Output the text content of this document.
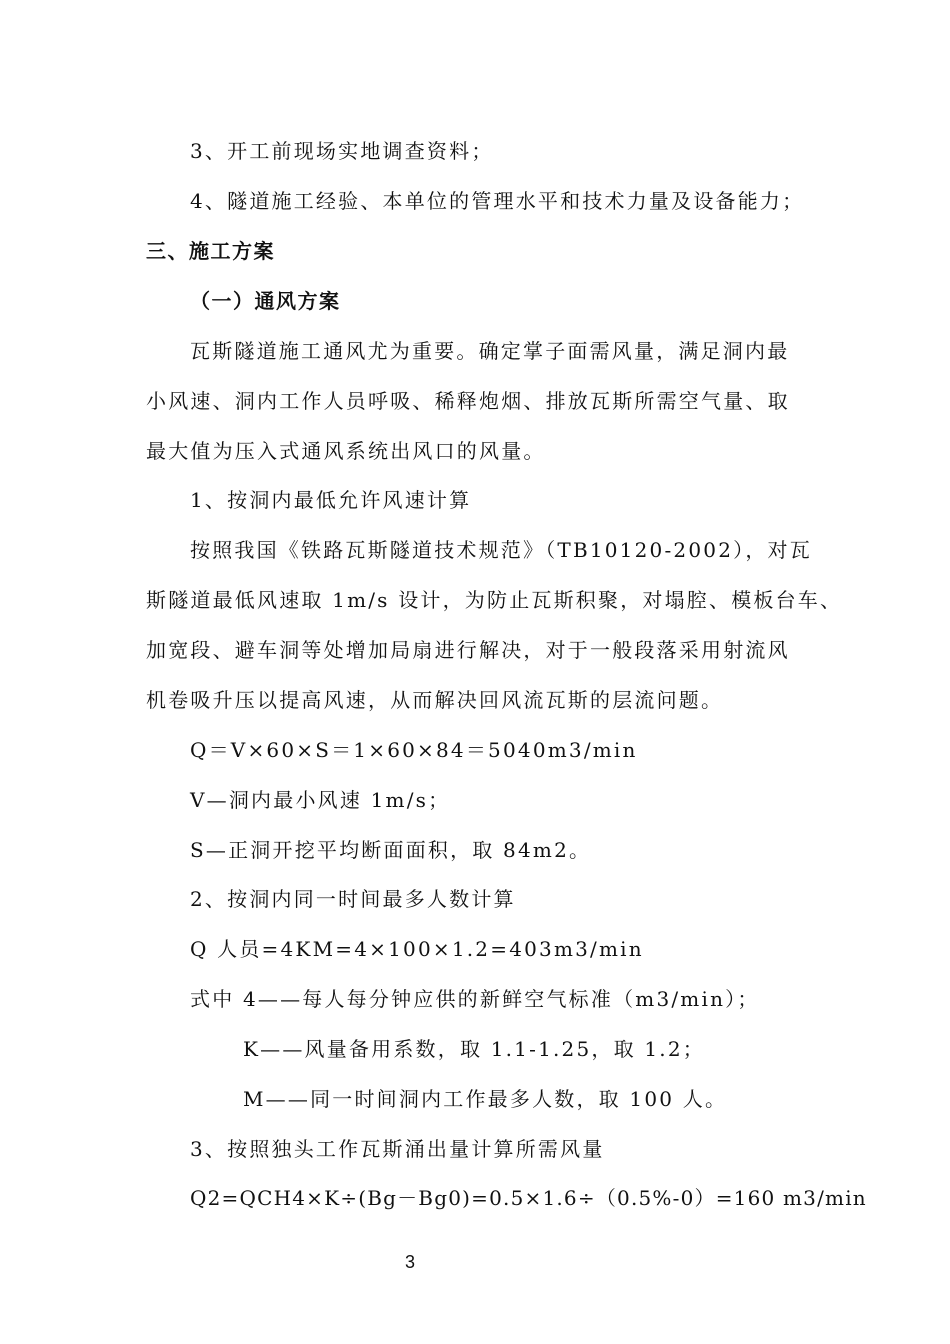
3、开工前现场实地调查资料；
4、隧道施工经验、本单位的管理水平和技术力量及设备能力；
三、施工方案
（一）通风方案
瓦斯隧道施工通风尤为重要。确定掌子面需风量，满足洞内最
小风速、洞内工作人员呼吸、稀释炮烟、排放瓦斯所需空气量、取
最大值为压入式通风系统出风口的风量。
1、按洞内最低允许风速计算
按照我国《铁路瓦斯隧道技术规范》（TB10120-2002），对瓦
斯隧道最低风速取 1m/s 设计，为防止瓦斯积聚，对塌腔、模板台车、
加宽段、避车洞等处增加局扇进行解决，对于一般段落采用射流风
机卷吸升压以提高风速，从而解决回风流瓦斯的层流问题。
Q＝V×60×S＝1×60×84＝5040m3/min
V—洞内最小风速 1m/s；
S—正洞开挖平均断面面积，取 84m2。
2、按洞内同一时间最多人数计算
Q 人员=4KM=4×100×1.2=403m3/min
式中 4——每人每分钟应供的新鲜空气标准（m3/min）；
K——风量备用系数，取 1.1-1.25，取 1.2；
M——同一时间洞内工作最多人数，取 100 人。
3、按照独头工作瓦斯涌出量计算所需风量
Q2=QCH4×K÷(Bg－Bg0)=0.5×1.6÷（0.5%-0）=160 m3/min
3
